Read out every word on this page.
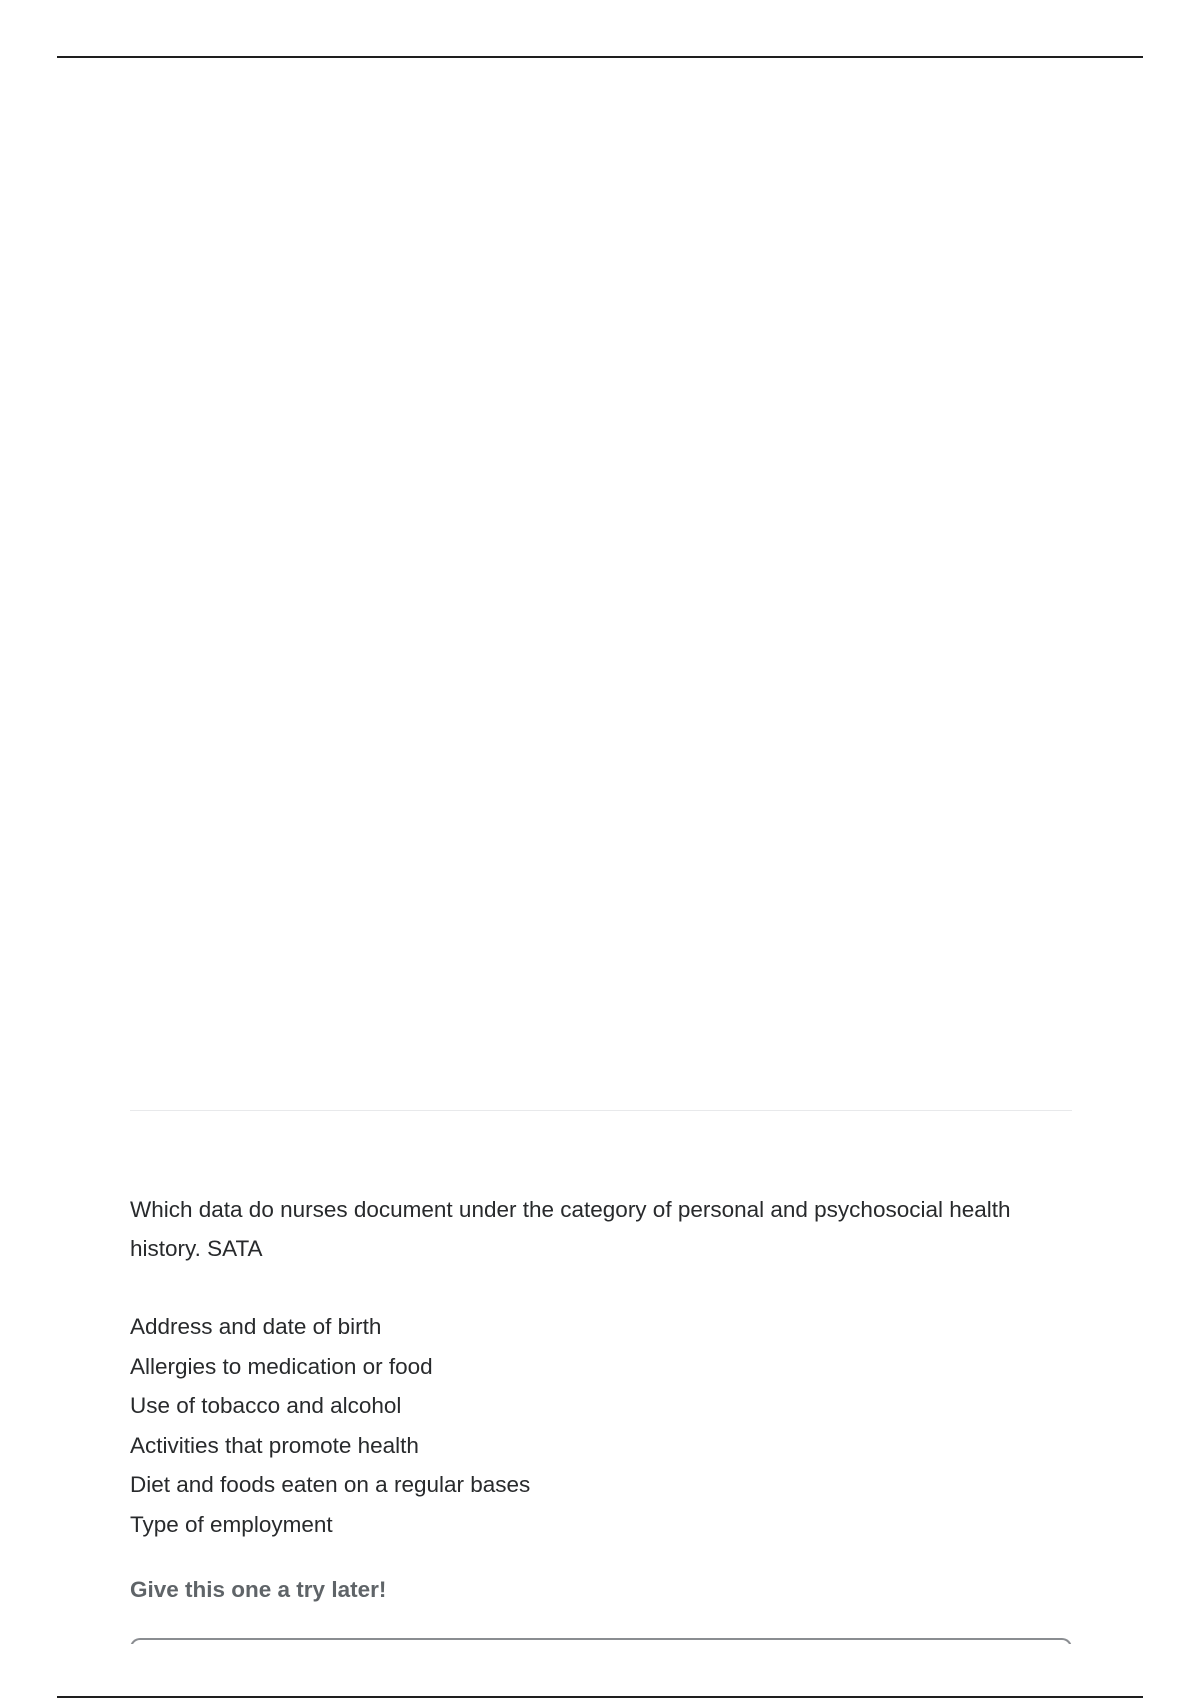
Which data do nurses document under the category of personal and psychosocial health history. SATA

Address and date of birth
Allergies to medication or food
Use of tobacco and alcohol
Activities that promote health
Diet and foods eaten on a regular bases
Type of employment
Give this one a try later!
